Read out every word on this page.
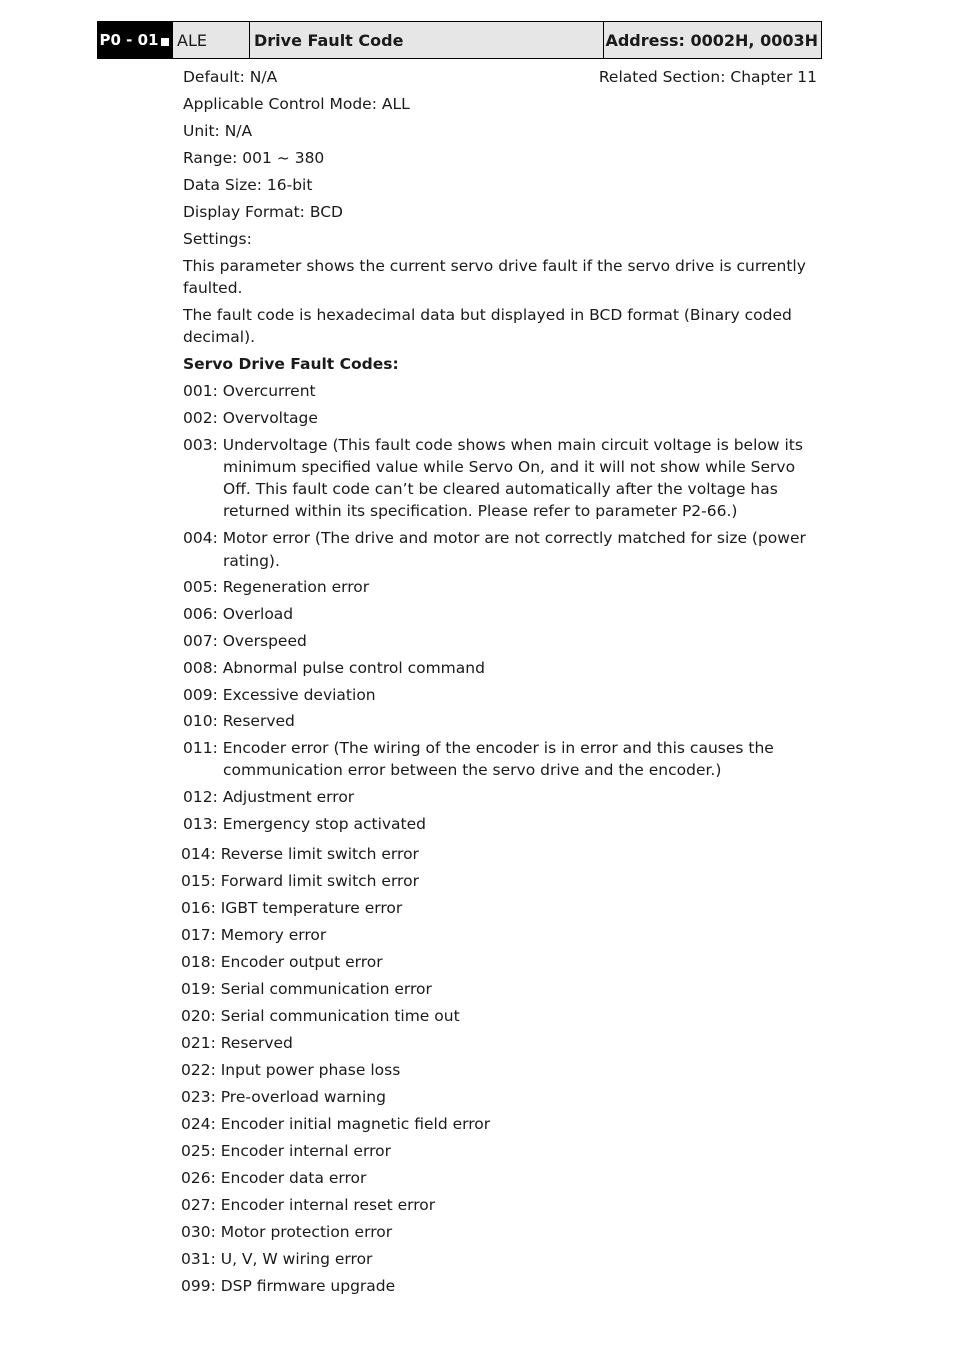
P0 - 01	ALE	Drive Fault Code	Address: 0002H, 0003H
Default: N/A	Related Section: Chapter 11
Applicable Control Mode: ALL
Unit: N/A
Range: 001 ~ 380
Data Size: 16-bit
Display Format: BCD
Settings:
This parameter shows the current servo drive fault if the servo drive is currently faulted.
The fault code is hexadecimal data but displayed in BCD format (Binary coded decimal).
Servo Drive Fault Codes:
001: Overcurrent
002: Overvoltage
003: Undervoltage (This fault code shows when main circuit voltage is below its minimum specified value while Servo On, and it will not show while Servo Off. This fault code can’t be cleared automatically after the voltage has returned within its specification. Please refer to parameter P2-66.)
004: Motor error (The drive and motor are not correctly matched for size (power rating).
005: Regeneration error
006: Overload
007: Overspeed
008: Abnormal pulse control command
009: Excessive deviation
010: Reserved
011: Encoder error (The wiring of the encoder is in error and this causes the communication error between the servo drive and the encoder.)
012: Adjustment error
013: Emergency stop activated
014: Reverse limit switch error
015: Forward limit switch error
016: IGBT temperature error
017: Memory error
018: Encoder output error
019: Serial communication error
020: Serial communication time out
021: Reserved
022: Input power phase loss
023: Pre-overload warning
024: Encoder initial magnetic field error
025: Encoder internal error
026: Encoder data error
027: Encoder internal reset error
030: Motor protection error
031: U, V, W wiring error
099: DSP firmware upgrade
